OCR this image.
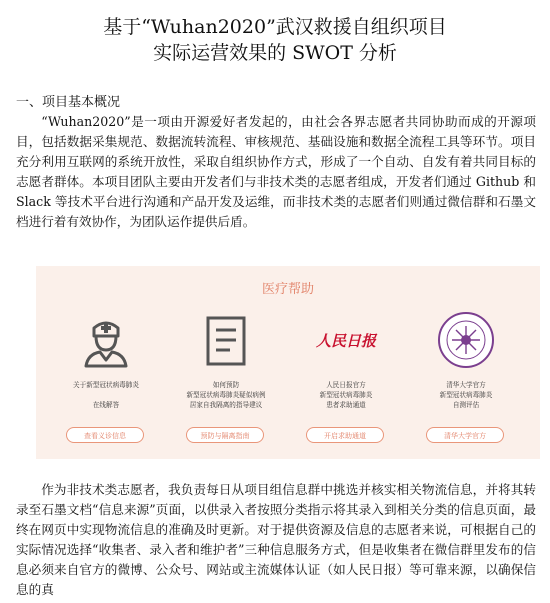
基于“Wuhan2020”武汉救援自组织项目
实际运营效果的 SWOT 分析
一、项目基本概况

“Wuhan2020”是一项由开源爱好者发起的，由社会各界志愿者共同协助而成的开源项目，包括数据采集规范、数据流转流程、审核规范、基础设施和数据全流程工具等环节。项目充分利用互联网的系统开放性，采取自组织协作方式，形成了一个自动、自发有着共同目标的志愿者群体。本项目团队主要由开发者们与非技术类的志愿者组成，开发者们通过 Github 和 Slack 等技术平台进行沟通和产品开发及运维，而非技术类的志愿者们则通过微信群和石墨文档进行着有效协作，为团队运作提供后盾。

医疗帮助
关于新型冠状病毒肺炎
在线解答
查看义诊信息
如何预防
新型冠状病毒肺炎疑似病例
居家自我隔离的指导建议
预防与隔离指南
人民日报
人民日报官方
新型冠状病毒肺炎
患者求助通道
开启求助通道
清华大学官方
新型冠状病毒肺炎
自测评估
清华大学官方

作为非技术类志愿者，我负责每日从项目组信息群中挑选并核实相关物流信息，并将其转录至石墨文档“信息来源”页面，以供录入者按照分类指示将其录入到相关分类的信息页面，最终在网页中实现物流信息的准确及时更新。对于提供资源及信息的志愿者来说，可根据自己的实际情况选择“收集者、录入者和维护者”三种信息服务方式，但是收集者在微信群里发布的信息必须来自官方的微博、公众号、网站或主流媒体认证（如人民日报）等可靠来源，以确保信息的真
